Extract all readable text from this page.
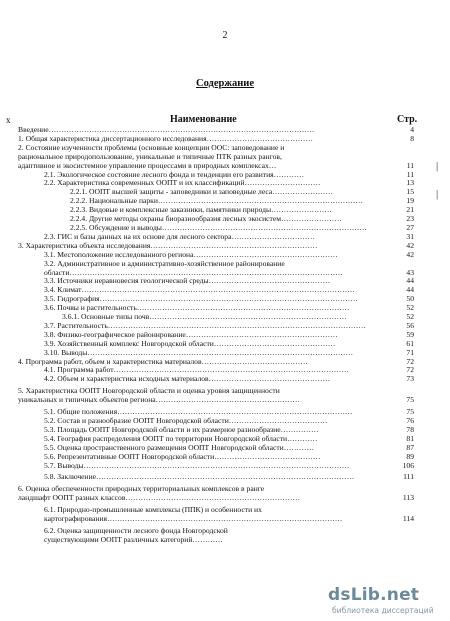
2
Содержание
х	Наименование	Стр.
Введение……………………………………………………………………………………………	4
1. Общая характеристика диссертационного исследования……………………………………	8
2. Состояние изученности проблемы (основные концепции ООС: заповедование и
рациональное природопользование, уникальные и типичные ПТК разных рангов,
адаптивное и экосистемное управление процессами в природных комплексах…	11
2.1. Экологическое состояние лесного фонда и тенденции его развития…………	11
2.2. Характеристика современных ООПТ и их классификаций…………………………	13
2.2.1. ООПТ высшей защиты - заповедники и заповедные леса……………………	15
2.2.2. Национальные парки………………………………………………………………………	19
2.2.3. Видовые и комплексные заказники, памятники природы……………………	21
2.2.4. Другие методы охраны биоразнообразия лесных экосистем……………………	23
2.2.5. Обсуждение и выводы………………………………………………………………………	27
2.3. ГИС и базы данных на их основе для лесного сектора……………………………	31
3. Характеристика объекта исследования…………………………………………………………	42
3.1. Местоположение исследованного региона…………………………………………………	42
3.2. Административное и административно-хозяйственное районирование
области………………………………………………………………………………………………	43
3.3. Источники неравновесия геологической среды…………………………………………	44
3.4. Климат………………………………………………………………………………………………	44
3.5. Гидрография…………………………………………………………………………………………	50
3.6. Почвы и растительность…………………………………………………………………………	52
3.6.1. Основные типы почв……………………………………………………………………	52
3.7. Растительность…………………………………………………………………………………………	56
3.8. Физико-географическое районирование……………………………………………………	59
3.9. Хозяйственный комплекс Новгородской области…………………………………………	61
3.10. Выводы……………………………………………………………………………………………	71
4. Программа работ, объем и характеристика материалов……………………………………	72
4.1. Программа работ…………………………………………………………………………………	72
4.2. Объем и характеристика исходных материалов…………………………………………	73
5. Характеристика ООПТ Новгородской области и оценка уровня защищенности
уникальных и типичных объектов региона…………………………………………………	75
5.1. Общие положения…………………………………………………………………………………	75
5.2. Состав и разнообразие ООПТ Новгородской области…………………………………	76
5.3. Площадь ООПТ Новгородской области и их размерное разнообразие……………	78
5.4. География распределения ООПТ по территории Новгородской области…………	81
5.5. Оценка пространственного размещения ООПТ Новгородской области…………	87
5.6. Репрезентативные ООПТ Новгородской области……………………………………	89
5.7. Выводы……………………………………………………………………………………………	106
5.8. Заключение…………………………………………………………………………………………	111
6. Оценка обеспеченности природных территориальных комплексов в ранге
ландшафт ООПТ разных классов……………………………………………………………	113
6.1. Природно-промышленные комплексы (ППК) и особенности их
картографирования…………………………………………………………………………………	114
6.2. Оценка защищенности лесного фонда Новгородской
существующими ООПТ различных категорий…………
|
|
dsLib.net
библиотека диссертаций
